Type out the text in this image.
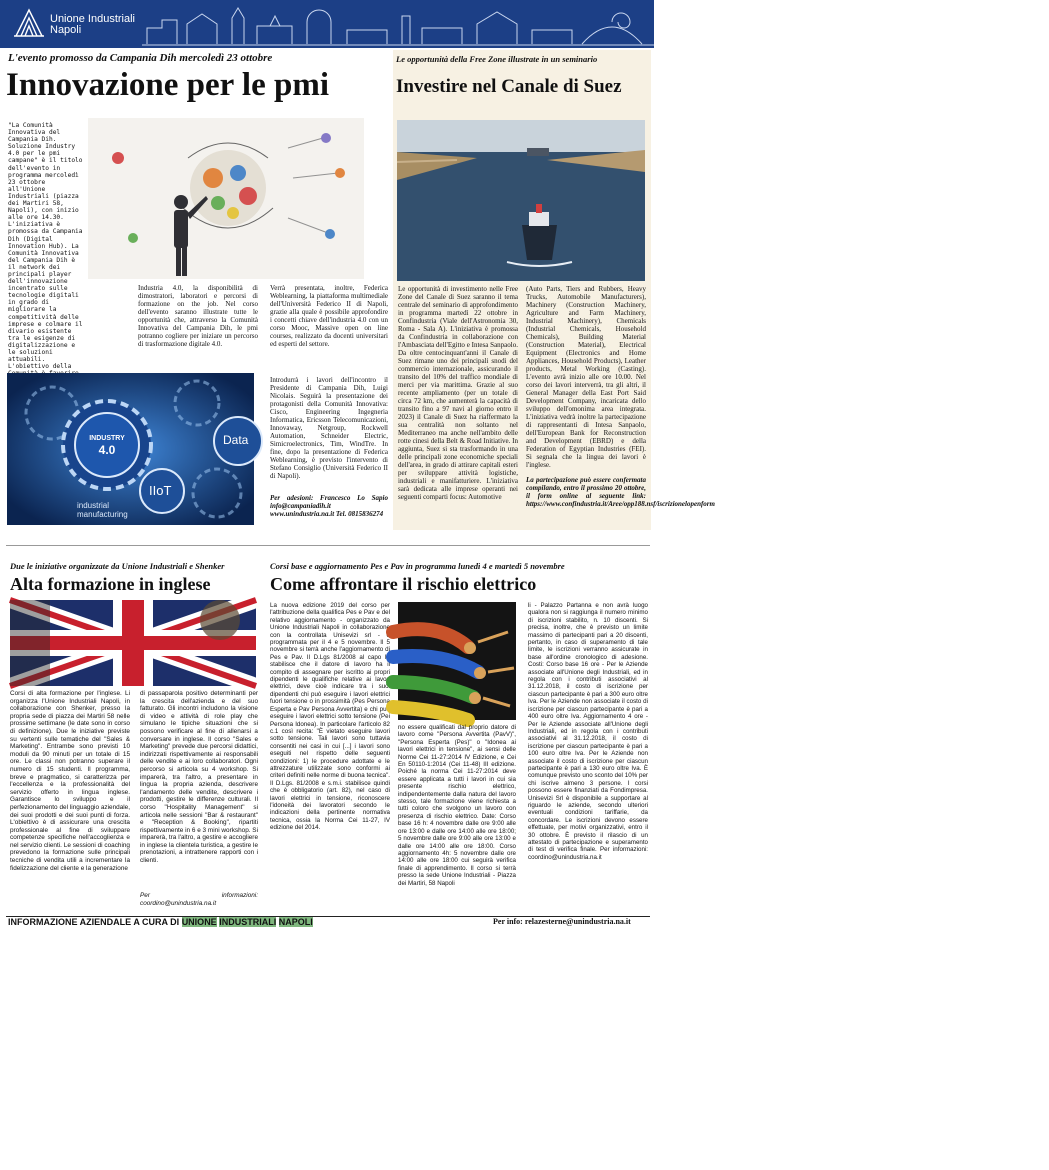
Unione Industriali
Napoli
L'evento promosso da Campania Dih mercoledì 23 ottobre
Innovazione per le pmi
"La Comunità Innovativa del Campania Dih. Soluzione Industry 4.0 per le pmi campane" è il titolo dell'evento in programma mercoledì 23 ottobre all'Unione Industriali (piazza dei Martiri 58, Napoli), con inizio alle ore 14.30. L'iniziativa è promossa da Campania Dih (Digital Innovation Hub). La Comunità Innovativa del Campania Dih è il network dei principali player dell'innovazione incentrato sulle tecnologie digitali in grado di migliorare la competitività delle imprese e colmare il divario esistente tra le esigenze di digitalizzazione e le soluzioni attuabili. L'obiettivo della
Industria 4.0, la disponibilità di dimostratori, laboratori e percorsi di formazione on the job. Nel corso dell'evento saranno illustrate tutte le opportunità che, attraverso la Comunità Innovativa del Campania Dih, le pmi potranno cogliere per iniziare un percorso di trasformazione digitale 4.0.
Verrà presentata, inoltre, Federica Weblearning, la piattaforma multimediale dell'Università Federico II di Napoli, grazie alla quale è possibile approfondire i concetti chiave dell'industria 4.0 con un corso Mooc, Massive open on line courses, realizzato da docenti universitari ed esperti del settore.
Introdurrà i lavori dell'incontro il Presidente di Campania Dih, Luigi Nicolais. Seguirà la presentazione dei protagonisti della Comunità Innovativa: Cisco, Engineering Ingegneria Informatica, Ericsson Telecomunicazioni, Innovaway, Netgroup, Rockwell Automation, Schneider Electric, Simicroelectronics, Tim, WindTre. In fine, dopo la presentazione di Federica Weblearning, è previsto l'intervento di Stefano Consiglio (Università Federico II di Napoli).
Per adesioni: Francesco Lo Sapio info@campaniadih.it www.unindustria.na.it Tel. 0815836274
INDUSTRY
4.0
Data
IIoT
industrial
manufacturing
Le opportunità della Free Zone illustrate in un seminario
Investire nel Canale di Suez
Le opportunità di investimento nelle Free Zone del Canale di Suez saranno il tema centrale del seminario di approfondimento in programma martedì 22 ottobre in Confindustria (Viale dell'Astronomia 30, Roma - Sala A). L'iniziativa è promossa da Confindustria in collaborazione con l'Ambasciata dell'Egitto e Intesa Sanpaolo. Da oltre centocinquant'anni il Canale di Suez rimane uno dei principali snodi del commercio internazionale, assicurando il transito del 10% del traffico mondiale di merci per via marittima. Grazie al suo recente ampliamento (per un totale di circa 72 km, che aumenterà la capacità di transito fino a 97 navi al giorno entro il 2023) il Canale di Suez ha riaffermato la sua centralità non soltanto nel Mediterraneo ma anche nell'ambito delle rotte cinesi della Belt & Road Initiative. In aggiunta, Suez si sta trasformando in una delle principali zone economiche speciali dell'area, in grado di attirare capitali esteri per sviluppare attività logistiche, industriali e manifatturiere. L'iniziativa sarà dedicata alle imprese operanti nei seguenti comparti focus: Automotive
(Auto Parts, Tiers and Rubbers, Heavy Trucks, Automobile Manufacturers), Machinery (Construction Machinery, Agriculture and Farm Machinery, Industrial Machinery), Chemicals (Industrial Chemicals, Household Chemicals), Building Material (Construction Material), Electrical Equipment (Electronics and Home Appliances, Household Products), Leather products, Metal Working (Casting). L'evento avrà inizio alle ore 10.00. Nel corso dei lavori interverrà, tra gli altri, il General Manager della East Port Said Development Company, incaricata dello sviluppo dell'omonima area integrata. L'iniziativa vedrà inoltre la partecipazione di rappresentanti di Intesa Sanpaolo, dell'European Bank for Reconstruction and Development (EBRD) e della Federation of Egyptian Industries (FEI). Si segnala che la lingua dei lavori è l'inglese.
La partecipazione può essere confermata compilando, entro il prossimo 20 ottobre, il form online al seguente link: https://www.confindustria.it/Aree/opp188.nsf/iscrizionelopenform
Due le iniziative organizzate da Unione Industriali e Shenker
Alta formazione in inglese
Corsi di alta formazione per l'inglese. Li organizza l'Unione Industriali Napoli, in collaborazione con Shenker, presso la propria sede di piazza dei Martiri 58 nelle prossime settimane (le date sono in corso di definizione). Due le iniziative previste su vertenti sulle tematiche del "Sales & Marketing". Entrambe sono previsti 10 moduli da 90 minuti per un totale di 15 ore. Le classi non potranno superare il numero di 15 studenti. Il programma, breve e pragmatico, si caratterizza per l'eccellenza e la professionalità del servizio offerto in lingua inglese. Garantisce lo sviluppo e il perfezionamento del linguaggio aziendale, dei suoi prodotti e dei suoi punti di forza. L'obiettivo è di assicurare una crescita professionale al fine di sviluppare competenze specifiche nell'accoglienza e nel servizio clienti. Le sessioni di coaching prevedono la formazione sulle principali tecniche di vendita utili a incrementare la fidelizzazione del cliente e la generazione
di passaparola positivo determinanti per la crescita dell'azienda e del suo fatturato. Gli incontri includono la visione di video e attività di role play che simulano le tipiche situazioni che si possono verificare al fine di allenarsi a conversare in inglese. Il corso "Sales e Marketing" prevede due percorsi didattici, indirizzati rispettivamente ai responsabili delle vendite e ai loro collaboratori. Ogni percorso si articola su 4 workshop. Si imparerà, tra l'altro, a presentare in lingua la propria azienda, descrivere l'andamento delle vendite, descrivere i prodotti, gestire le differenze culturali. Il corso "Hospitality Management" si articola nelle sessioni "Bar & restaurant" e "Reception & Booking", ripartiti rispettivamente in 6 e 3 mini workshop. Si imparerà, tra l'altro, a gestire e accogliere in inglese la clientela turistica, a gestire le prenotazioni, a intrattenere rapporti con i clienti.
Per informazioni: coordino@unindustria.na.it
Corsi base e aggiornamento Pes e Pav in programma lunedì 4 e martedì 5 novembre
Come affrontare il rischio elettrico
La nuova edizione 2019 del corso per l'attribuzione della qualifica Pes e Pav e del relativo aggiornamento - organizzato da Unione Industriali Napoli in collaborazione con la controllata Unisevizi srl - è programmata per il 4 e 5 novembre. Il 5 novembre si terrà anche l'aggiornamento di Pes e Pav. Il D.Lgs 81/2008 al capo III stabilisce che il datore di lavoro ha il compito di assegnare per iscritto ai propri dipendenti le qualifiche relative ai lavori elettrici, deve cioè indicare tra i suoi dipendenti chi può eseguire i lavori elettrici fuori tensione o in prossimità (Pes Persona Esperta e Pav Persona Avvertita) e chi può eseguire i lavori elettrici sotto tensione (Pei Persona Idonea). In particolare l'articolo 82 c.1 così recita: "È vietato eseguire lavori sotto tensione. Tali lavori sono tuttavia consentiti nei casi in cui [...] i lavori sono eseguiti nel rispetto delle seguenti condizioni: 1) le procedure adottate e le attrezzature utilizzate sono conformi ai criteri definiti nelle norme di buona tecnica". Il D.Lgs. 81/2008 e s.m.i. stabilisce quindi che è obbligatorio (art. 82), nel caso di lavori elettrici in tensione, riconoscere l'idoneità dei lavoratori secondo le indicazioni della pertinente normativa tecnica, ossia la Norma Cei 11-27, IV edizione del 2014.
no essere qualificati dal proprio datore di lavoro come "Persona Avvertita (PavV)", "Persona Esperta (Pes)" o "Idonea ai lavori elettrici in tensione", ai sensi delle Norme Cei 11-27:2014 IV Edizione, e Cei En 50110-1:2014 (Cei 11-48) III edizione. Poiché la norma Cei 11-27:2014 deve essere applicata a tutti i lavori in cui sia presente rischio elettrico, indipendentemente dalla natura del lavoro stesso, tale formazione viene richiesta a tutti coloro che svolgono un lavoro con presenza di rischio elettrico. Date: Corso base 16 h: 4 novembre dalle ore 9:00 alle ore 13:00 e dalle ore 14:00 alle ore 18:00; 5 novembre dalle ore 9:00 alle ore 13:00 e dalle ore 14:00 alle ore 18:00. Corso aggiornamento 4h: 5 novembre dalle ore 14:00 alle ore 18:00 cui seguirà verifica finale di apprendimento. Il corso si terrà presso la sede Unione Industriali - Piazza dei Martiri, 58 Napoli
li - Palazzo Partanna e non avrà luogo qualora non si raggiunga il numero minimo di iscrizioni stabilito, n. 10 discenti. Si precisa, inoltre, che è previsto un limite massimo di partecipanti pari a 20 discenti, pertanto, in caso di superamento di tale limite, le iscrizioni verranno assicurate in base all'ordine cronologico di adesione. Costi: Corso base 16 ore - Per le Aziende associate all'Unione degli Industriali, ed in regola con i contributi associativi al 31.12.2018, il costo di iscrizione per ciascun partecipante è pari a 300 euro oltre Iva. Per le Aziende non associate il costo di iscrizione per ciascun partecipante è pari a 400 euro oltre Iva. Aggiornamento 4 ore - Per le Aziende associate all'Unione degli Industriali, ed in regola con i contributi associativi al 31.12.2018, il costo di iscrizione per ciascun partecipante è pari a 100 euro oltre Iva. Per le Aziende non associate il costo di iscrizione per ciascun partecipante è pari a 130 euro oltre Iva. È comunque previsto uno sconto del 10% per chi iscrive almeno 3 persone. I corsi possono essere finanziati da Fondimpresa. Unisevizi Srl è disponibile a supportare al riguardo le aziende, secondo ulteriori eventuali condizioni tariffarie, da concordare. Le iscrizioni devono essere effettuate, per motivi organizzativi, entro il 30 ottobre. È previsto il rilascio di un attestato di partecipazione e superamento di test di verifica finale. Per informazioni: coordino@unindustria.na.it
INFORMAZIONE AZIENDALE A CURA DI UNIONE INDUSTRIALI NAPOLI	Per info: relazesterne@unindustria.na.it
